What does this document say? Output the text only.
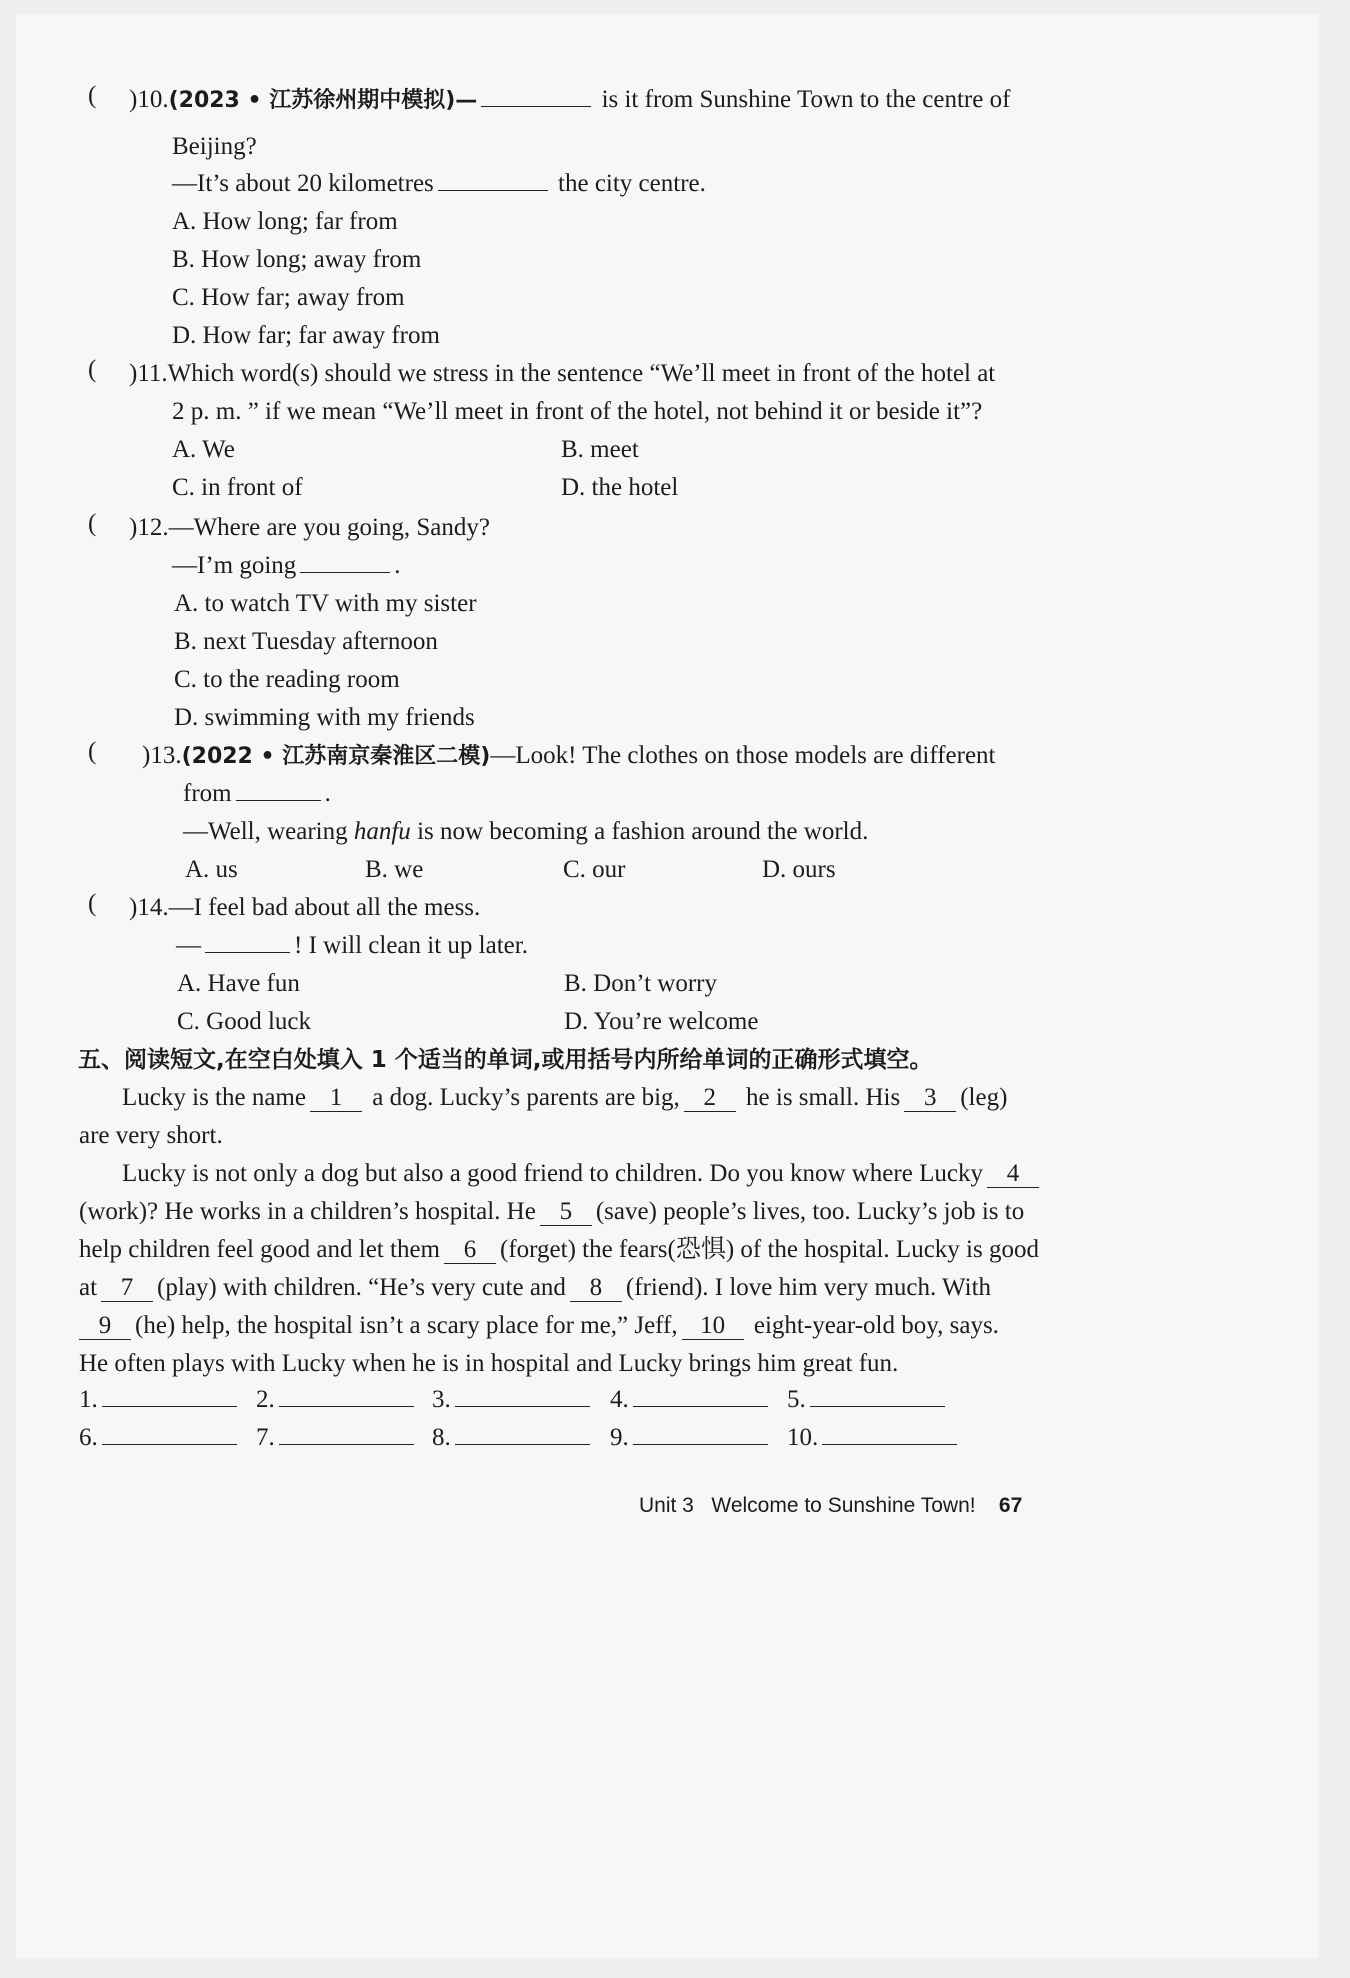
( )10.(2023 • 江苏徐州期中模拟)—	is it from Sunshine Town to the centre of
Beijing?
—It’s about 20 kilometres	the city centre.
A. How long; far from
B. How long; away from
C. How far; away from
D. How far; far away from
( )11.Which word(s) should we stress in the sentence “We’ll meet in front of the hotel at
2 p. m. ” if we mean “We’ll meet in front of the hotel, not behind it or beside it”?
A. We	B. meet
C. in front of	D. the hotel
( )12.—Where are you going, Sandy?
—I’m going	.
A. to watch TV with my sister
B. next Tuesday afternoon
C. to the reading room
D. swimming with my friends
( )13.(2022 • 江苏南京秦淮区二模)—Look! The clothes on those models are different
from	.
—Well, wearing hanfu is now becoming a fashion around the world.
A. us	B. we	C. our	D. ours
( )14.—I feel bad about all the mess.
—	! I will clean it up later.
A. Have fun	B. Don’t worry
C. Good luck	D. You’re welcome
五、阅读短文,在空白处填入 1 个适当的单词,或用括号内所给单词的正确形式填空。
Lucky is the name 1 a dog. Lucky’s parents are big, 2 he is small. His 3 (leg)
are very short.
Lucky is not only a dog but also a good friend to children. Do you know where Lucky 4
(work)? He works in a children’s hospital. He 5 (save) people’s lives, too. Lucky’s job is to
help children feel good and let them 6 (forget) the fears(恐惧) of the hospital. Lucky is good
at 7 (play) with children. “He’s very cute and 8 (friend). I love him very much. With
9 (he) help, the hospital isn’t a scary place for me,” Jeff, 10 eight-year-old boy, says.
He often plays with Lucky when he is in hospital and Lucky brings him great fun.
1.	2.	3.	4.	5.
6.	7.	8.	9.	10.
Unit 3 Welcome to Sunshine Town! 67
